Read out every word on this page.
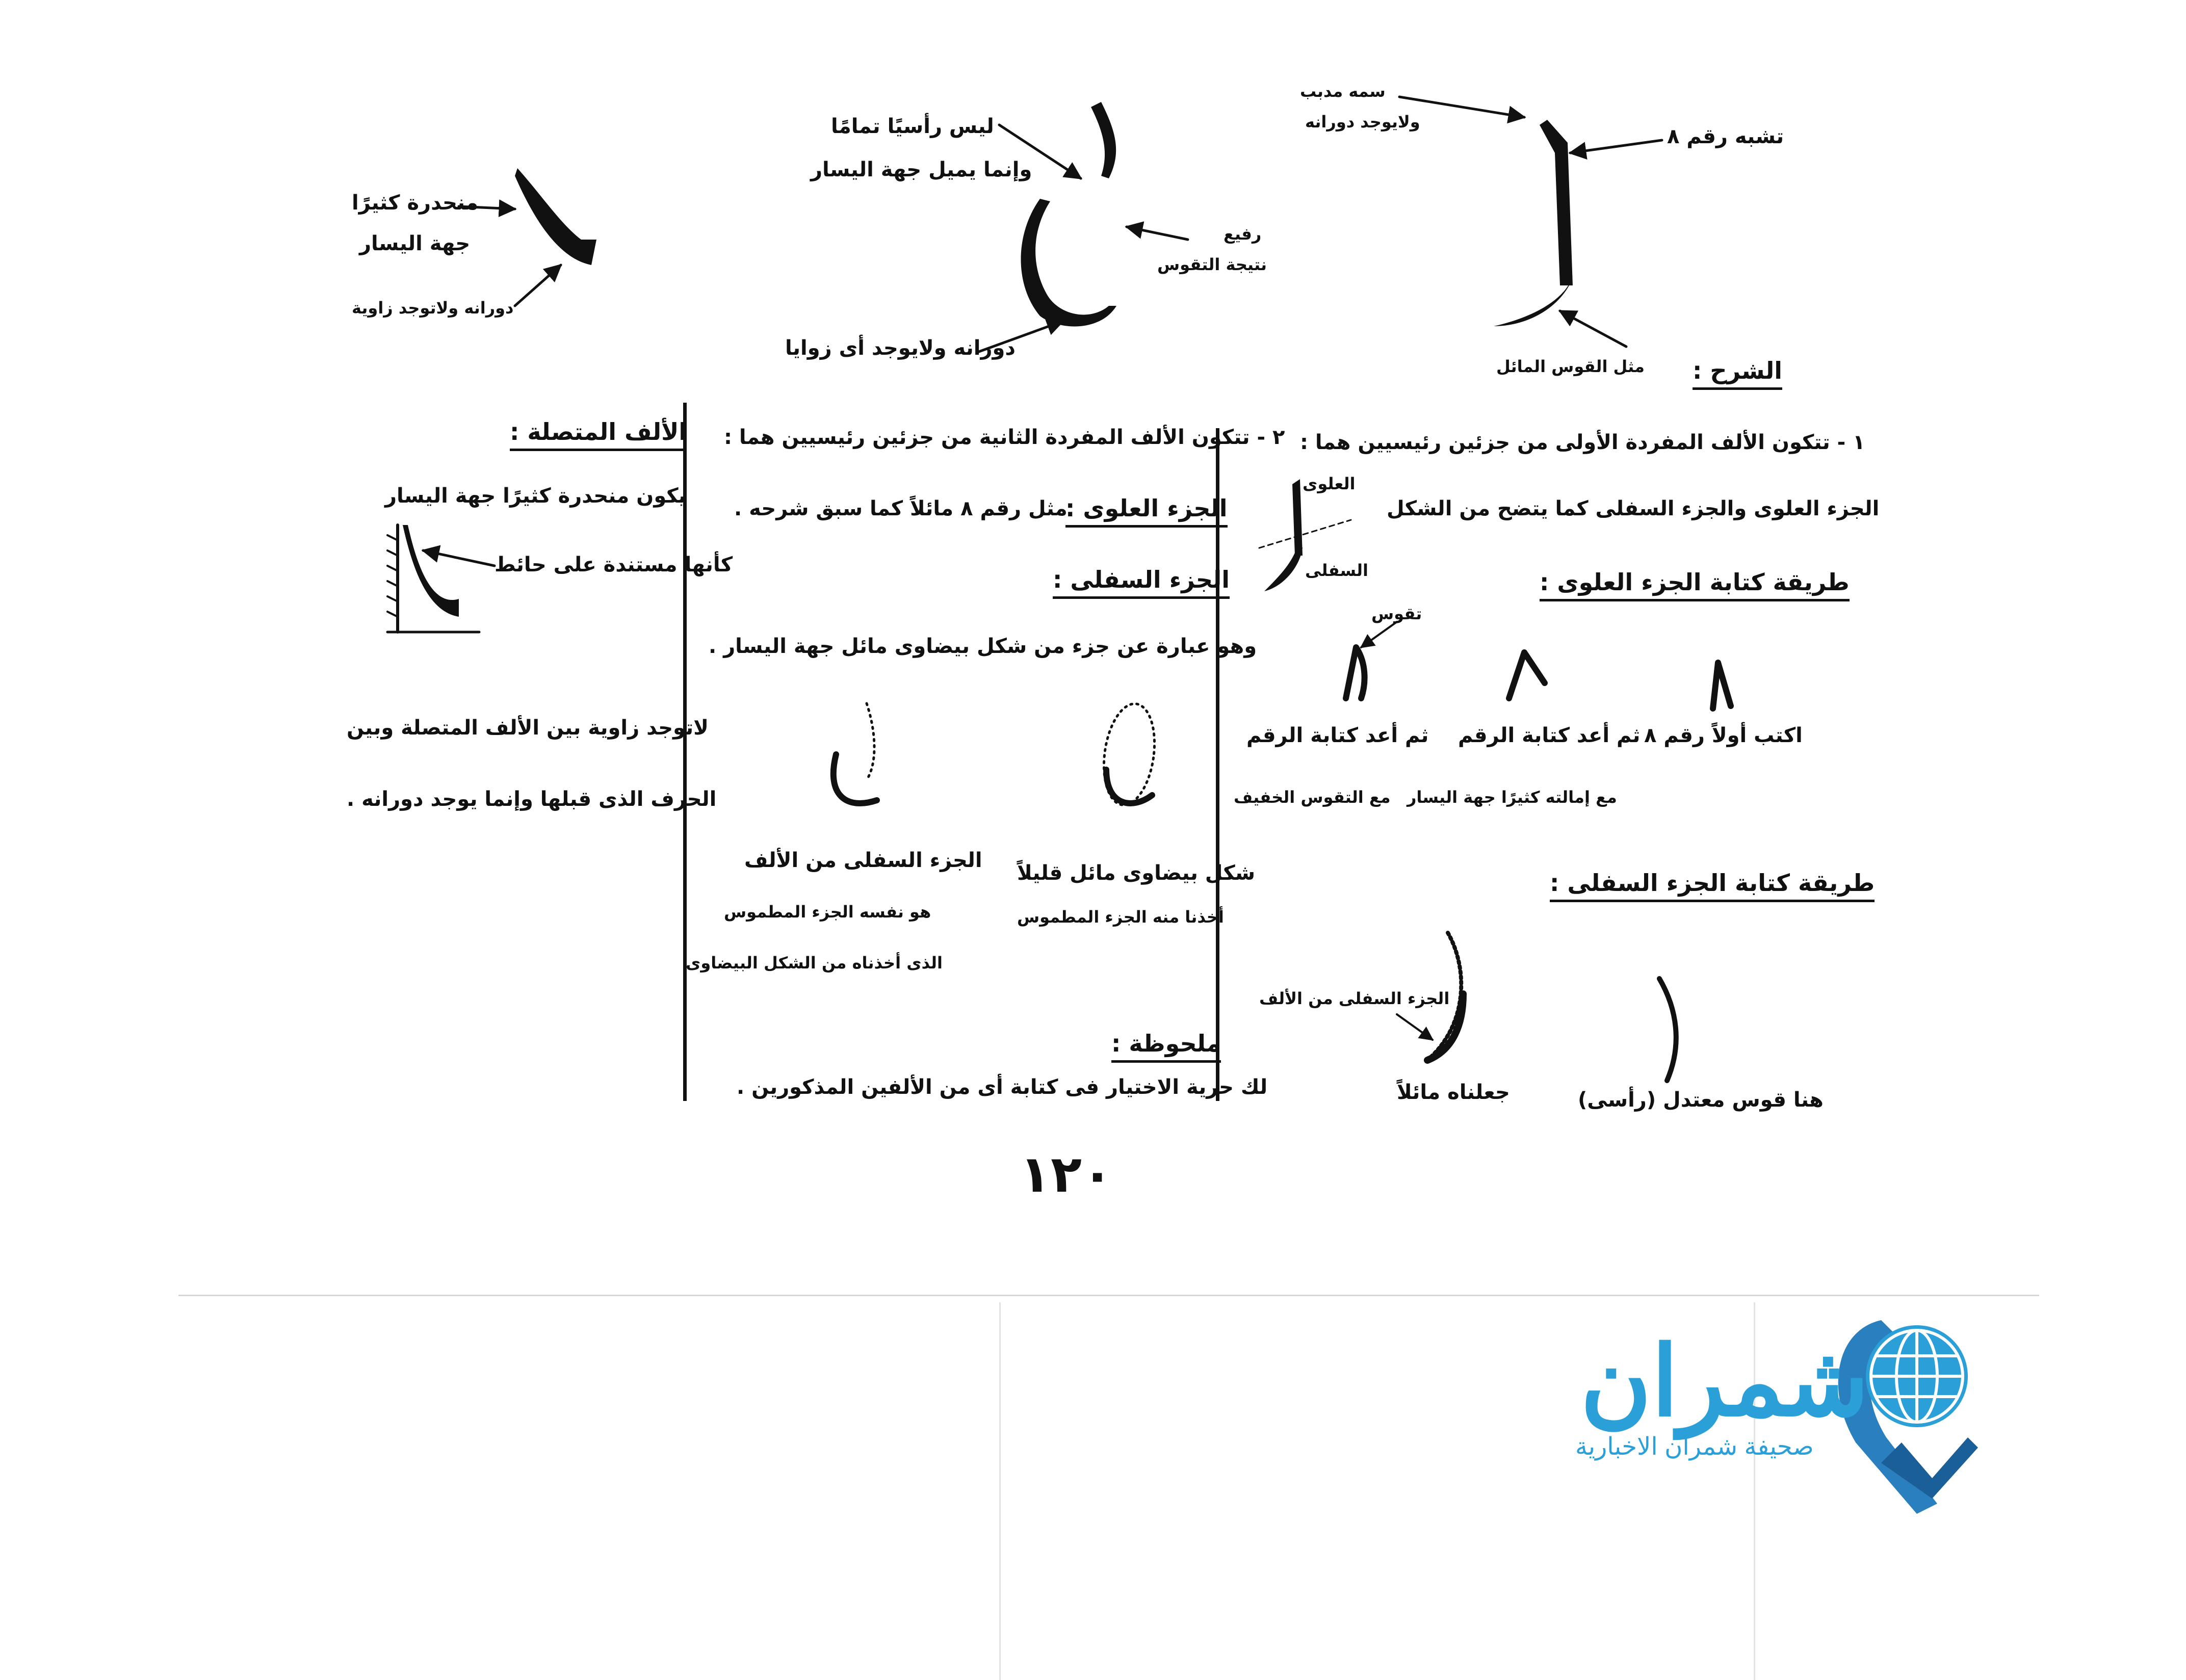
سمه مدبب
ولايوجد دورانه
تشبه رقم ٨
مثل القوس المائل
ليس رأسيًا تمامًا
وإنما يميل جهة اليسار
رفيع
نتيجة التقوس
دورانه ولايوجد أى زوايا
منحدرة كثيرًا
جهة اليسار
دورانه ولاتوجد زاوية
الشرح :
١ - تتكون الألف المفردة الأولى من جزئين رئيسيين هما :
الجزء العلوى والجزء السفلى كما يتضح من الشكل
العلوى
السفلى	طريقة كتابة الجزء العلوى :
اكتب أولاً رقم ٨
ثم أعد كتابة الرقم
مع إمالته كثيرًا جهة اليسار
ثم أعد كتابة الرقم
مع التقوس الخفيف
تقوس
طريقة كتابة الجزء السفلى :
هنا قوس معتدل (رأسى)
جعلناه مائلاً
الجزء السفلى من الألف
٢ - تتكون الألف المفردة الثانية من جزئين رئيسيين هما :
الجزء العلوى :
مثل رقم ٨ مائلاً كما سبق شرحه .
الجزء السفلى :
وهو عبارة عن جزء من شكل بيضاوى مائل جهة اليسار .
شكل بيضاوى مائل قليلاً
أخذنا منه الجزء المطموس
الجزء السفلى من الألف
هو نفسه الجزء المطموس
الذى أخذناه من الشكل البيضاوى
ملحوظة :
لك حرية الاختيار فى كتابة أى من الألفين المذكورين .
الألف المتصلة :
يكون منحدرة كثيرًا جهة اليسار
كأنها مستندة على حائط
لاتوجد زاوية بين الألف المتصلة وبين
الحرف الذى قبلها وإنما يوجد دورانه .
١٢٠
شمران
صحيفة شمران الاخبارية
